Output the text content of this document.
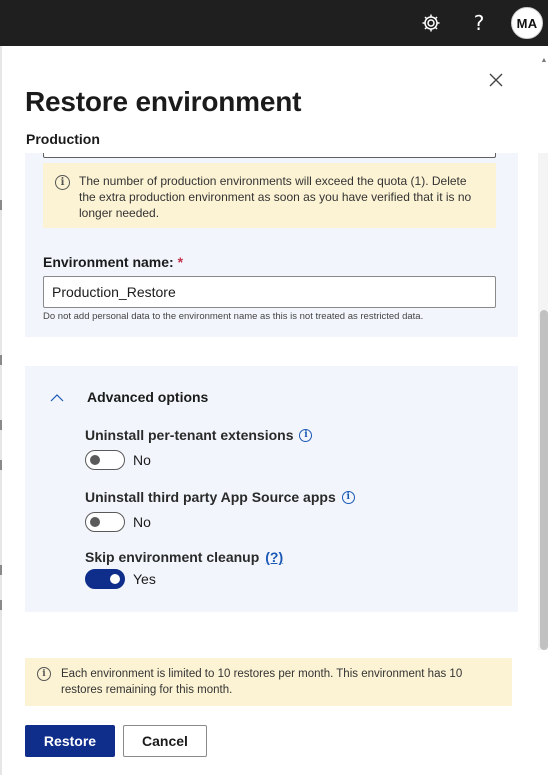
?	MA
Restore environment
Production
i	The number of production environments will exceed the quota (1). Delete the extra production environment as soon as you have verified that it is no longer needed.
Environment name: *
Production_Restore
Do not add personal data to the environment name as this is not treated as restricted data.
Advanced options
Uninstall per-tenant extensions	i
No
Uninstall third party App Source apps	i
No
Skip environment cleanup (?)
Yes
▲
i	Each environment is limited to 10 restores per month. This environment has 10 restores remaining for this month.
Restore	Cancel
